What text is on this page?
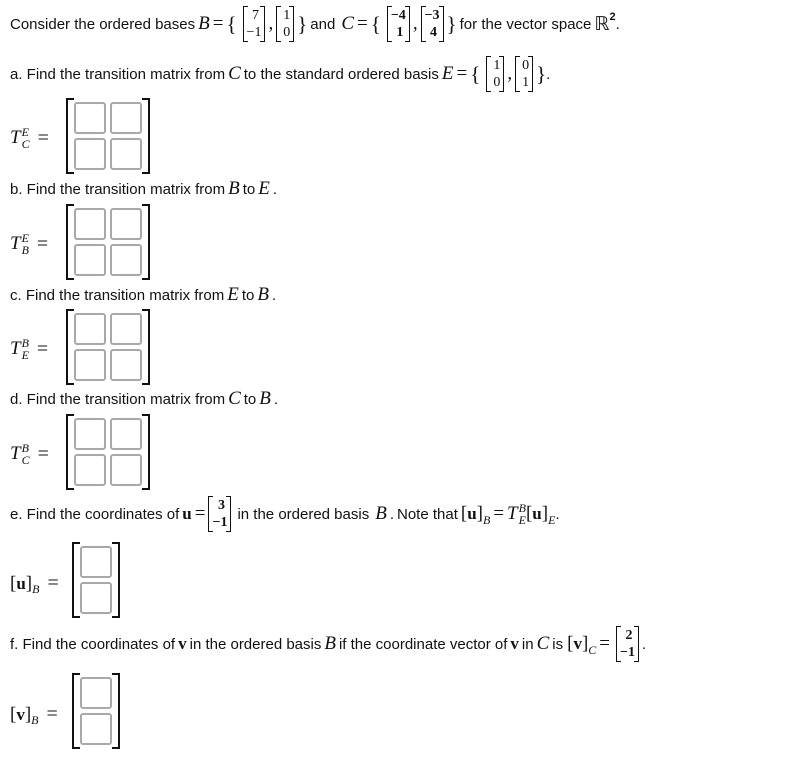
Consider the ordered bases B = { 7
−1 , 1
0 } and C = { −4
1 , −3
4 } for the vector space ℝ 2 .
a. Find the transition matrix from C to the standard ordered basis E = { 1
0 , 0
1 } .
T E
C =
b. Find the transition matrix from B to E .
T E
B =
c. Find the transition matrix from E to B .
T B
E =
d. Find the transition matrix from C to B .
T B
C =
e. Find the coordinates of u = 3
−1 in the ordered basis B . Note that [ u ] B = T B
E [ u ] E .
[ u ] B =
f. Find the coordinates of v in the ordered basis B if the coordinate vector of v in C is [ v ] C = 2
−1 .
[ v ] B =
